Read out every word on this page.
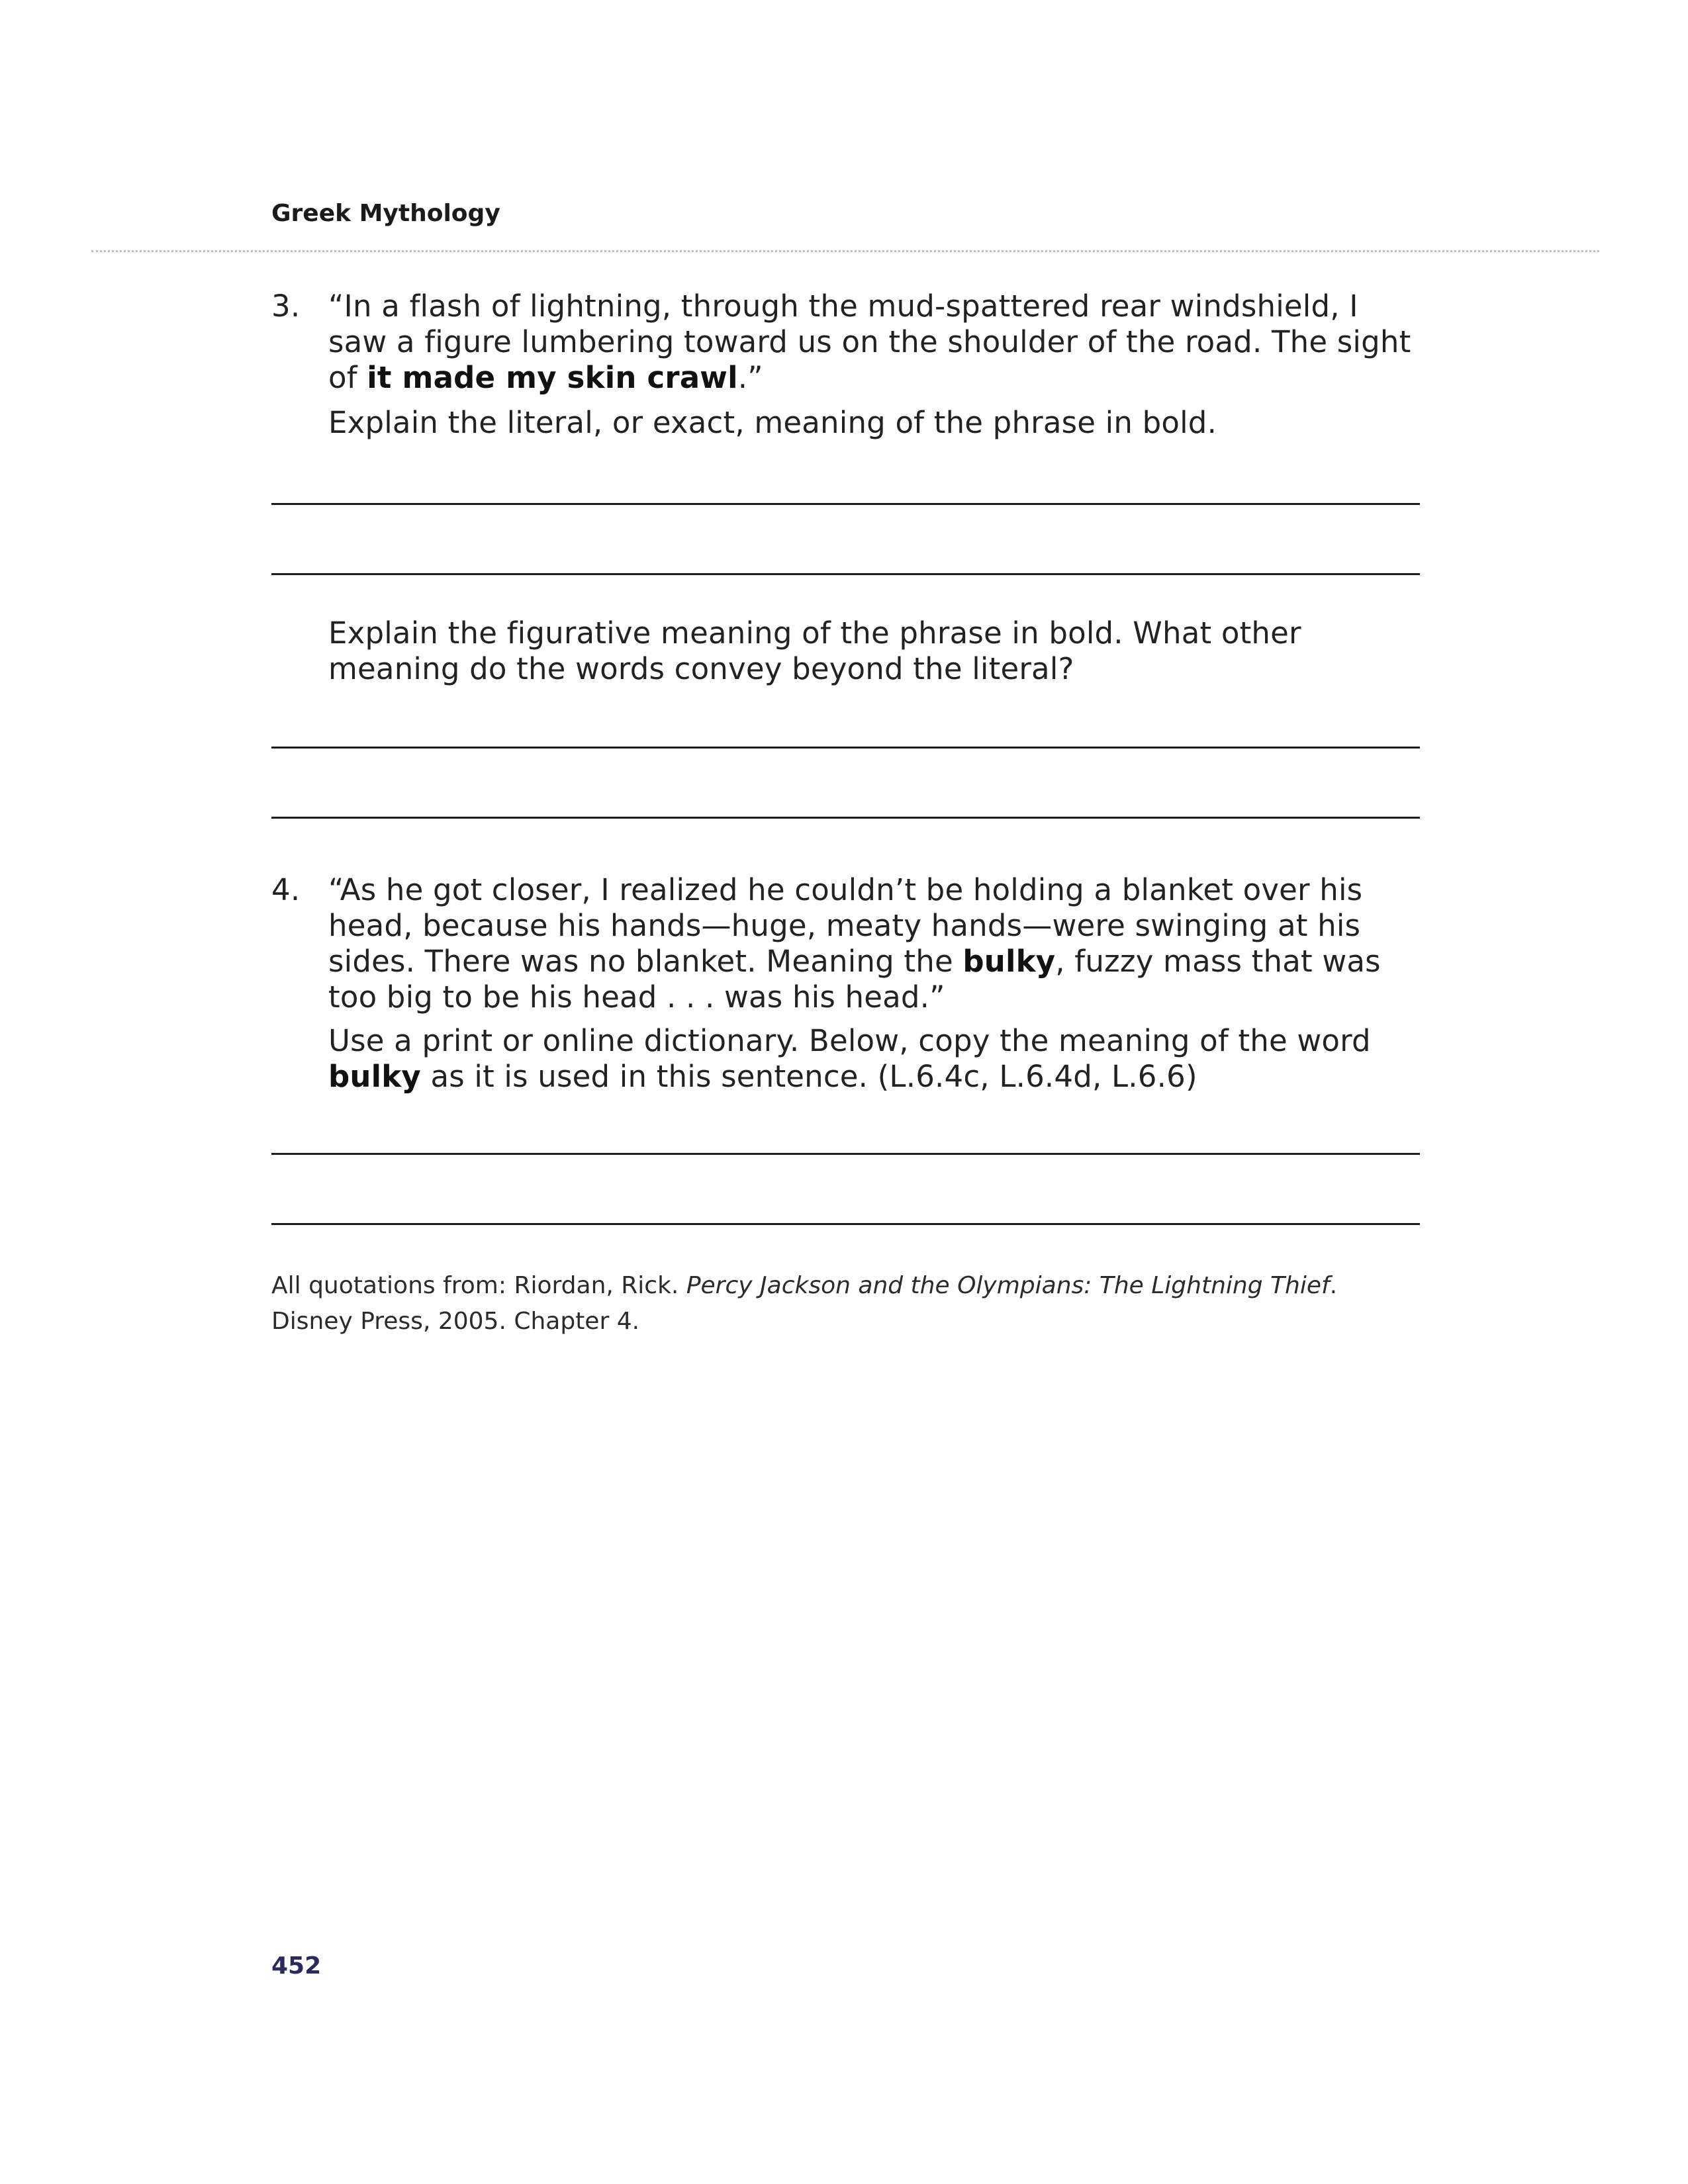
Greek Mythology
3. “In a flash of lightning, through the mud-spattered rear windshield, I saw a figure lumbering toward us on the shoulder of the road. The sight of it made my skin crawl.”
Explain the literal, or exact, meaning of the phrase in bold.
Explain the figurative meaning of the phrase in bold. What other meaning do the words convey beyond the literal?
4. “As he got closer, I realized he couldn’t be holding a blanket over his head, because his hands—huge, meaty hands—were swinging at his sides. There was no blanket. Meaning the bulky, fuzzy mass that was too big to be his head . . . was his head.”
Use a print or online dictionary. Below, copy the meaning of the word bulky as it is used in this sentence. (L.6.4c, L.6.4d, L.6.6)
All quotations from: Riordan, Rick. Percy Jackson and the Olympians: The Lightning Thief. Disney Press, 2005. Chapter 4.
452
